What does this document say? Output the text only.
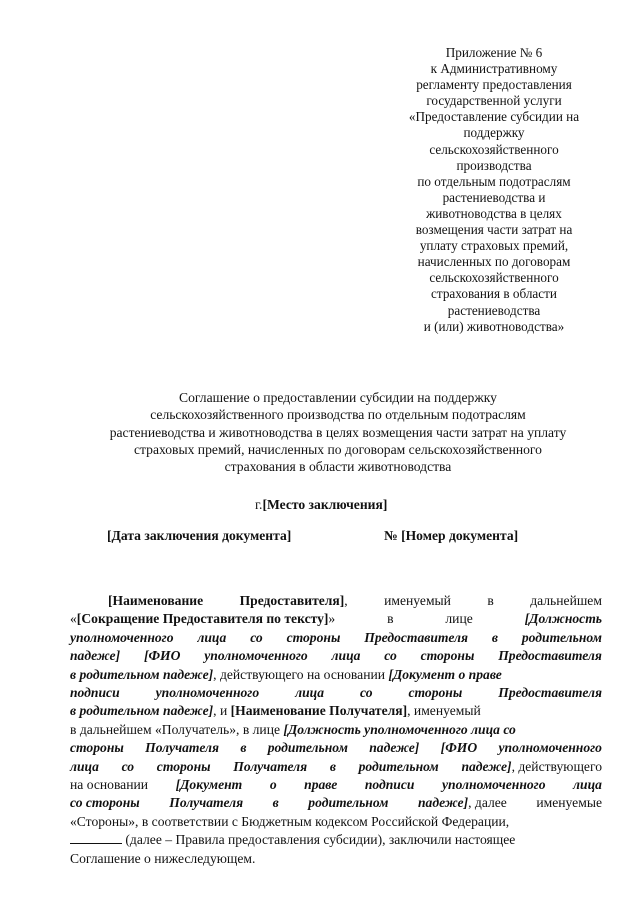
Приложение № 6
к Административному
регламенту предоставления
государственной услуги
«Предоставление субсидии на
поддержку
сельскохозяйственного
производства
по отдельным подотраслям
растениеводства и
животноводства в целях
возмещения части затрат на
уплату страховых премий,
начисленных по договорам
сельскохозяйственного
страхования в области
растениеводства
и (или) животноводства»
Соглашение о предоставлении субсидии на поддержку
сельскохозяйственного производства по отдельным подотраслям
растениеводства и животноводства в целях возмещения части затрат на уплату
страховых премий, начисленных по договорам сельскохозяйственного
страхования в области животноводства
г.[Место заключения]
[Дата заключения документа]	№ [Номер документа]
[Наименование	Предоставителя],	именуемый	в	дальнейшем
«[Сокращение Предоставителя по тексту]»	в	лице	[Должность
уполномоченного лица со стороны Предоставителя в родительном
падеже] [ФИО уполномоченного лица со стороны Предоставителя
в родительном падеже], действующего на основании [Документ о праве
подписи	уполномоченного	лица	со	стороны	Предоставителя
в родительном падеже], и [Наименование Получателя], именуемый
в дальнейшем «Получатель», в лице [Должность уполномоченного лица со
стороны Получателя в родительном падеже] [ФИО уполномоченного
лица со стороны Получателя в родительном падеже], действующего
на основании [Документ о праве подписи уполномоченного лица
со стороны Получателя в родительном падеже], далее именуемые
«Стороны», в соответствии с Бюджетным кодексом Российской Федерации,
(далее – Правила предоставления субсидии), заключили настоящее
Соглашение о нижеследующем.
